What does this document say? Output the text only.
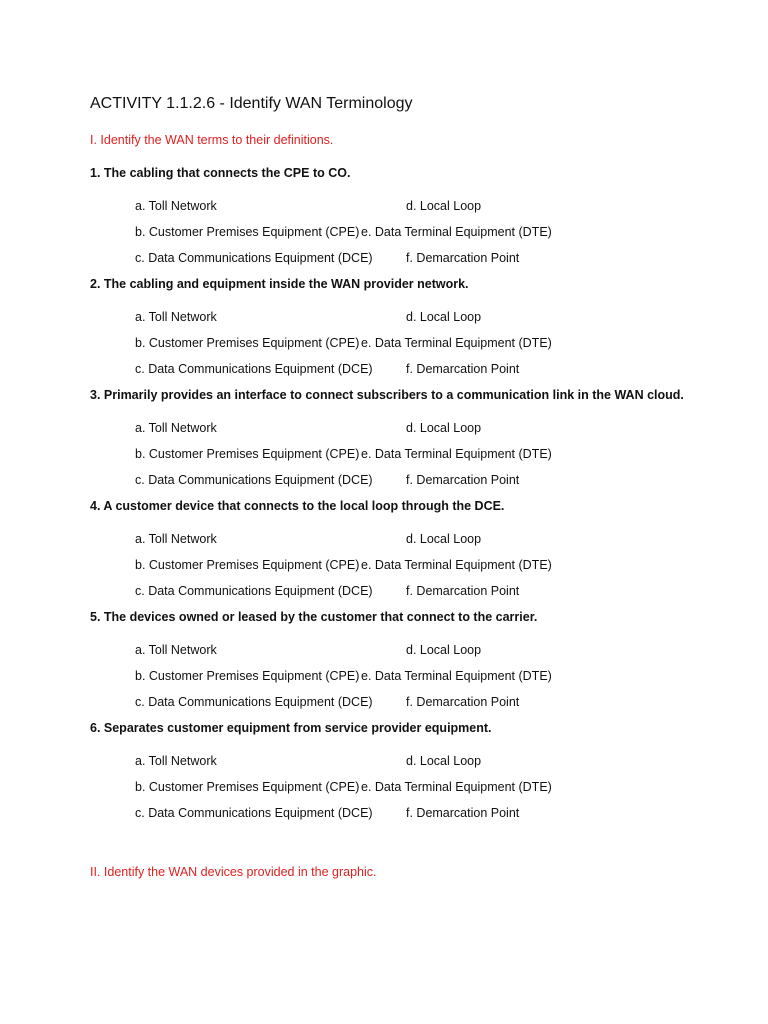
ACTIVITY 1.1.2.6 - Identify WAN Terminology
I. Identify the WAN terms to their definitions.
1. The cabling that connects the CPE to CO.
a. Toll Network	d. Local Loop
b. Customer Premises Equipment (CPE) e. Data Terminal Equipment (DTE)
c. Data Communications Equipment (DCE)	f. Demarcation Point
2. The cabling and equipment inside the WAN provider network.
a. Toll Network	d. Local Loop
b. Customer Premises Equipment (CPE) e. Data Terminal Equipment (DTE)
c. Data Communications Equipment (DCE)	f. Demarcation Point
3. Primarily provides an interface to connect subscribers to a communication link in the WAN cloud.
a. Toll Network	d. Local Loop
b. Customer Premises Equipment (CPE) e. Data Terminal Equipment (DTE)
c. Data Communications Equipment (DCE)	f. Demarcation Point
4. A customer device that connects to the local loop through the DCE.
a. Toll Network	d. Local Loop
b. Customer Premises Equipment (CPE) e. Data Terminal Equipment (DTE)
c. Data Communications Equipment (DCE)	f. Demarcation Point
5. The devices owned or leased by the customer that connect to the carrier.
a. Toll Network	d. Local Loop
b. Customer Premises Equipment (CPE) e. Data Terminal Equipment (DTE)
c. Data Communications Equipment (DCE)	f. Demarcation Point
6. Separates customer equipment from service provider equipment.
a. Toll Network	d. Local Loop
b. Customer Premises Equipment (CPE) e. Data Terminal Equipment (DTE)
c. Data Communications Equipment (DCE)	f. Demarcation Point
II. Identify the WAN devices provided in the graphic.
